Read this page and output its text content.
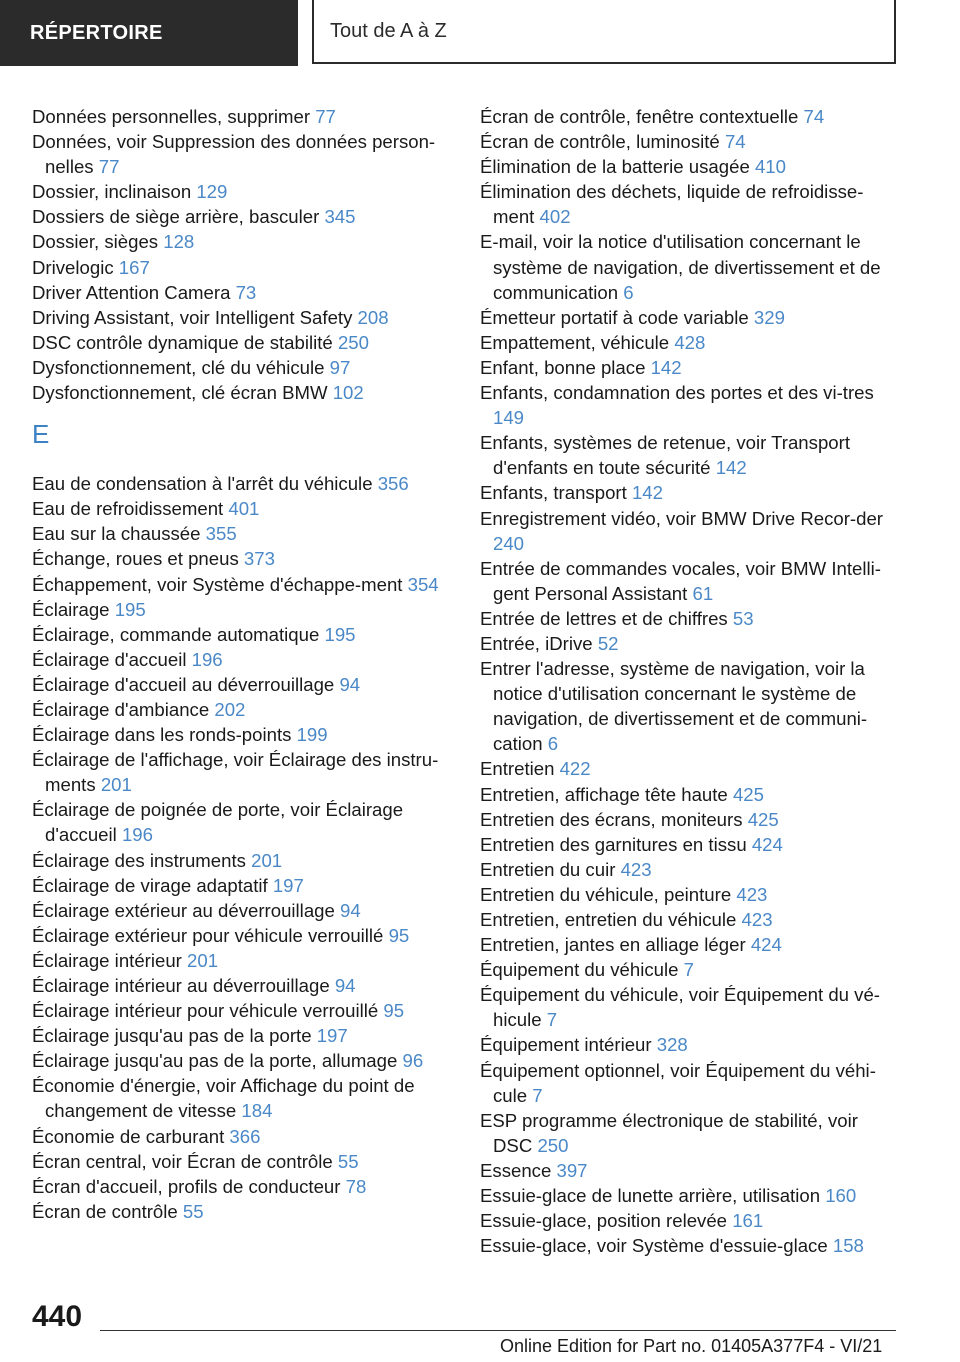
RÉPERTOIRE	Tout de A à Z
Données personnelles, supprimer 77
Données, voir Suppression des données person-nelles 77
Dossier, inclinaison 129
Dossiers de siège arrière, basculer 345
Dossier, sièges 128
Drivelogic 167
Driver Attention Camera 73
Driving Assistant, voir Intelligent Safety 208
DSC contrôle dynamique de stabilité 250
Dysfonctionnement, clé du véhicule 97
Dysfonctionnement, clé écran BMW 102
E
Eau de condensation à l'arrêt du véhicule 356
Eau de refroidissement 401
Eau sur la chaussée 355
Échange, roues et pneus 373
Échappement, voir Système d'échappe-ment 354
Éclairage 195
Éclairage, commande automatique 195
Éclairage d'accueil 196
Éclairage d'accueil au déverrouillage 94
Éclairage d'ambiance 202
Éclairage dans les ronds-points 199
Éclairage de l'affichage, voir Éclairage des instru-ments 201
Éclairage de poignée de porte, voir Éclairage d'accueil 196
Éclairage des instruments 201
Éclairage de virage adaptatif 197
Éclairage extérieur au déverrouillage 94
Éclairage extérieur pour véhicule verrouillé 95
Éclairage intérieur 201
Éclairage intérieur au déverrouillage 94
Éclairage intérieur pour véhicule verrouillé 95
Éclairage jusqu'au pas de la porte 197
Éclairage jusqu'au pas de la porte, allumage 96
Économie d'énergie, voir Affichage du point de changement de vitesse 184
Économie de carburant 366
Écran central, voir Écran de contrôle 55
Écran d'accueil, profils de conducteur 78
Écran de contrôle 55
Écran de contrôle, fenêtre contextuelle 74
Écran de contrôle, luminosité 74
Élimination de la batterie usagée 410
Élimination des déchets, liquide de refroidisse-ment 402
E-mail, voir la notice d'utilisation concernant le système de navigation, de divertissement et de communication 6
Émetteur portatif à code variable 329
Empattement, véhicule 428
Enfant, bonne place 142
Enfants, condamnation des portes et des vi-tres 149
Enfants, systèmes de retenue, voir Transport d'enfants en toute sécurité 142
Enfants, transport 142
Enregistrement vidéo, voir BMW Drive Recor-der 240
Entrée de commandes vocales, voir BMW Intelli-gent Personal Assistant 61
Entrée de lettres et de chiffres 53
Entrée, iDrive 52
Entrer l'adresse, système de navigation, voir la notice d'utilisation concernant le système de navigation, de divertissement et de communi-cation 6
Entretien 422
Entretien, affichage tête haute 425
Entretien des écrans, moniteurs 425
Entretien des garnitures en tissu 424
Entretien du cuir 423
Entretien du véhicule, peinture 423
Entretien, entretien du véhicule 423
Entretien, jantes en alliage léger 424
Équipement du véhicule 7
Équipement du véhicule, voir Équipement du vé-hicule 7
Équipement intérieur 328
Équipement optionnel, voir Équipement du véhi-cule 7
ESP programme électronique de stabilité, voir DSC 250
Essence 397
Essuie-glace de lunette arrière, utilisation 160
Essuie-glace, position relevée 161
Essuie-glace, voir Système d'essuie-glace 158
440
Online Edition for Part no. 01405A377F4 - VI/21
